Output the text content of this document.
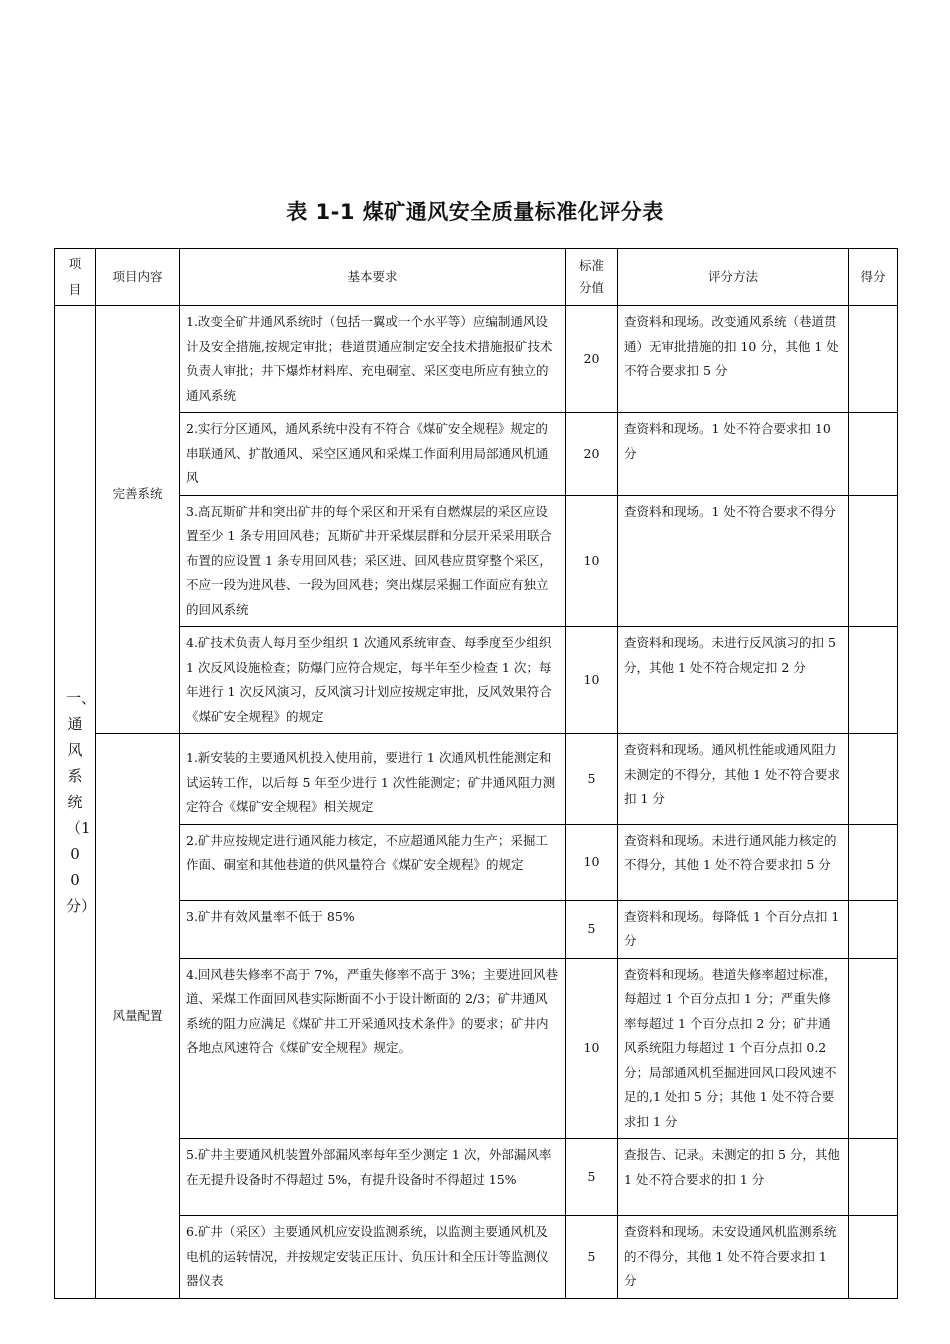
表 1-1 煤矿通风安全质量标准化评分表
项目	项目内容	基本要求	标准分值	评分方法	得分
一、通风系统（100分）	完善系统	1.改变全矿井通风系统时（包括一翼或一个水平等）应编制通风设计及安全措施,按规定审批；巷道贯通应制定安全技术措施报矿技术负责人审批；井下爆炸材料库、充电硐室、采区变电所应有独立的通风系统	20	查资料和现场。改变通风系统（巷道贯通）无审批措施的扣 10 分，其他 1 处不符合要求扣 5 分	
		2.实行分区通风，通风系统中没有不符合《煤矿安全规程》规定的串联通风、扩散通风、采空区通风和采煤工作面利用局部通风机通风	20	查资料和现场。1 处不符合要求扣 10 分	
		3.高瓦斯矿井和突出矿井的每个采区和开采有自燃煤层的采区应设置至少 1 条专用回风巷；瓦斯矿井开采煤层群和分层开采采用联合布置的应设置 1 条专用回风巷；采区进、回风巷应贯穿整个采区，不应一段为进风巷、一段为回风巷；突出煤层采掘工作面应有独立的回风系统	10	查资料和现场。1 处不符合要求不得分	
		4.矿技术负责人每月至少组织 1 次通风系统审查、每季度至少组织 1 次反风设施检查；防爆门应符合规定，每半年至少检查 1 次；每年进行 1 次反风演习，反风演习计划应按规定审批，反风效果符合《煤矿安全规程》的规定	10	查资料和现场。未进行反风演习的扣 5 分，其他 1 处不符合规定扣 2 分	
	风量配置	1.新安装的主要通风机投入使用前，要进行 1 次通风机性能测定和试运转工作，以后每 5 年至少进行 1 次性能测定；矿井通风阻力测定符合《煤矿安全规程》相关规定	5	查资料和现场。通风机性能或通风阻力未测定的不得分，其他 1 处不符合要求扣 1 分	
		2.矿井应按规定进行通风能力核定，不应超通风能力生产；采掘工作面、硐室和其他巷道的供风量符合《煤矿安全规程》的规定	10	查资料和现场。未进行通风能力核定的不得分，其他 1 处不符合要求扣 5 分	
		3.矿井有效风量率不低于 85%	5	查资料和现场。每降低 1 个百分点扣 1 分	
		4.回风巷失修率不高于 7%，严重失修率不高于 3%；主要进回风巷道、采煤工作面回风巷实际断面不小于设计断面的 2/3；矿井通风系统的阻力应满足《煤矿井工开采通风技术条件》的要求；矿井内各地点风速符合《煤矿安全规程》规定。	10	查资料和现场。巷道失修率超过标准，每超过 1 个百分点扣 1 分；严重失修率每超过 1 个百分点扣 2 分；矿井通风系统阻力每超过 1 个百分点扣 0.2 分；局部通风机至掘进回风口段风速不足的,1 处扣 5 分；其他 1 处不符合要求扣 1 分	
		5.矿井主要通风机装置外部漏风率每年至少测定 1 次，外部漏风率在无提升设备时不得超过 5%，有提升设备时不得超过 15%	5	查报告、记录。未测定的扣 5 分，其他 1 处不符合要求的扣 1 分	
		6.矿井（采区）主要通风机应安设监测系统，以监测主要通风机及电机的运转情况，并按规定安装正压计、负压计和全压计等监测仪器仪表	5	查资料和现场。未安设通风机监测系统的不得分，其他 1 处不符合要求扣 1 分	
